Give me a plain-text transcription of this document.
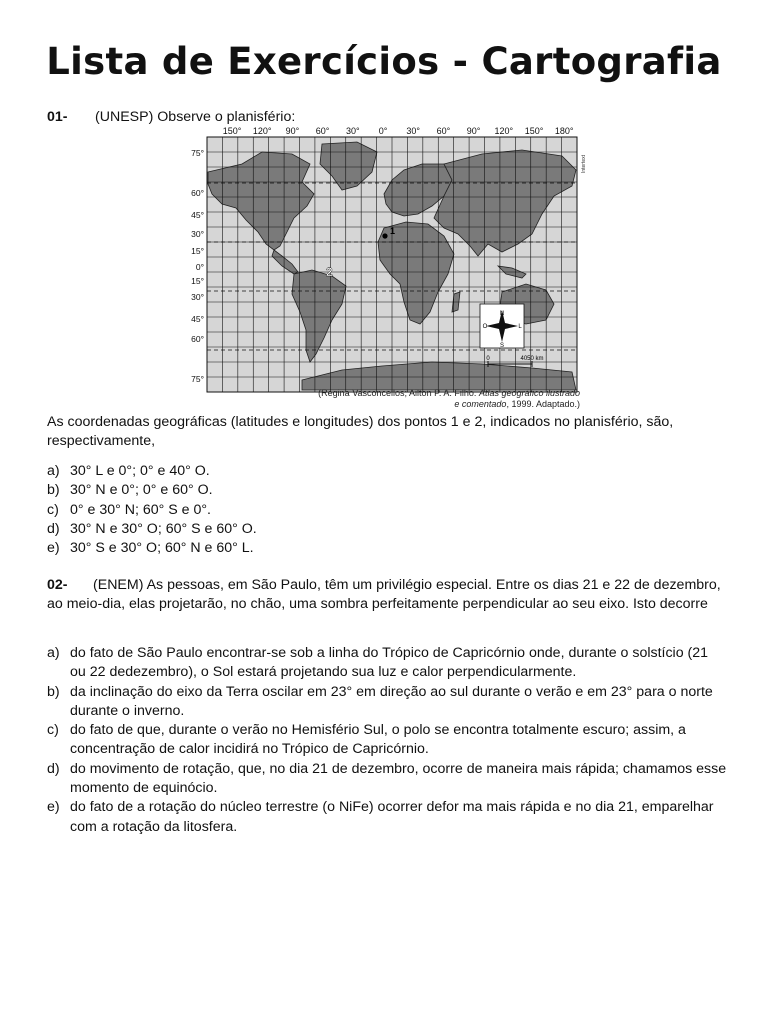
Lista de Exercícios - Cartografia
01- (UNESP) Observe o planisfério:
150° 120° 90° 60° 30° 0° 30° 60° 90° 120° 150° 180°
75°
60°
45°
30°
15°
0°
15°
30°
45°
60°
75°
1
2
N
S
O	L
0	4050 km
Intertext
(Regina Vasconcellos; Ailton P. A. Filho. Atlas geográfico ilustrado
e comentado, 1999. Adaptado.)
As coordenadas geográficas (latitudes e longitudes) dos pontos 1 e 2, indicados no planisfério, são, respectivamente,
a) 30° L e 0°; 0° e 40° O.
b) 30° N e 0°; 0° e 60° O.
c) 0° e 30° N; 60° S e 0°.
d) 30° N e 30° O; 60° S e 60° O.
e) 30° S e 30° O; 60° N e 60° L.
02- (ENEM) As pessoas, em São Paulo, têm um privilégio especial. Entre os dias 21 e 22 de dezembro, ao meio-dia, elas projetarão, no chão, uma sombra perfeitamente perpendicular ao seu eixo. Isto decorre
a) do fato de São Paulo encontrar-se sob a linha do Trópico de Capricórnio onde, durante o solstício (21 ou 22 dedezembro), o Sol estará projetando sua luz e calor perpendicularmente.
b) da inclinação do eixo da Terra oscilar em 23° em direção ao sul durante o verão e em 23° para o norte durante o inverno.
c) do fato de que, durante o verão no Hemisfério Sul, o polo se encontra totalmente escuro; assim, a concentração de calor incidirá no Trópico de Capricórnio.
d) do movimento de rotação, que, no dia 21 de dezembro, ocorre de maneira mais rápida; chamamos esse momento de equinócio.
e) do fato de a rotação do núcleo terrestre (o NiFe) ocorrer defor ma mais rápida e no dia 21, emparelhar com a rotação da litosfera.
